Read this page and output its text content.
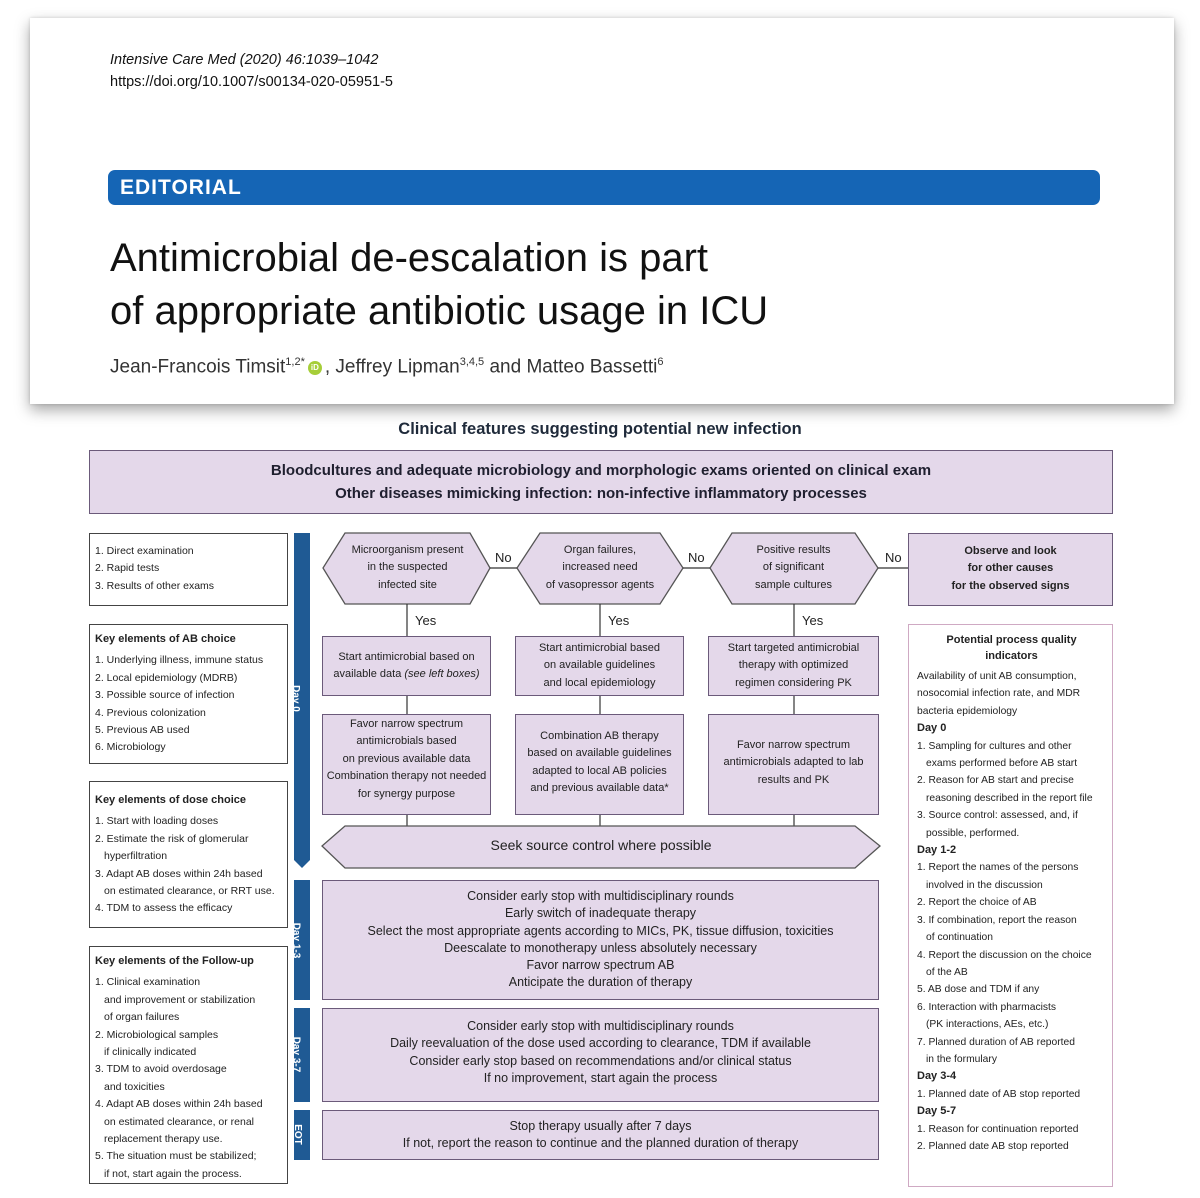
Intensive Care Med (2020) 46:1039–1042
https://doi.org/10.1007/s00134-020-05951-5
EDITORIAL
Antimicrobial de-escalation is part
of appropriate antibiotic usage in ICU
Jean-Francois Timsit$^{1,2*}$ iD , Jeffrey Lipman$^{3,4,5}$ and Matteo Bassetti$^6$
Clinical features suggesting potential new infection
Bloodcultures and adequate microbiology and morphologic exams oriented on clinical exam
Other diseases mimicking infection: non-infective inflammatory processes
1. Direct examination
2. Rapid tests
3. Results of other exams
Key elements of AB choice
1. Underlying illness, immune status
2. Local epidemiology (MDRB)
3. Possible source of infection
4. Previous colonization
5. Previous AB used
6. Microbiology
Key elements of dose choice
1. Start with loading doses
2. Estimate the risk of glomerular
hyperfiltration
3. Adapt AB doses within 24h based
on estimated clearance, or RRT use.
4. TDM to assess the efficacy
Key elements of the Follow-up
1. Clinical examination
and improvement or stabilization
of organ failures
2. Microbiological samples
if clinically indicated
3. TDM to avoid overdosage
and toxicities
4. Adapt AB doses within 24h based
on estimated clearance, or renal
replacement therapy use.
5. The situation must be stabilized;
if not, start again the process.
Day 0
Day 1-3
Day 3-7
EOT
Microorganism present
in the suspected
infected site
Organ failures,
increased need
of vasopressor agents
Positive results
of significant
sample cultures
No	No	No
Yes	Yes	Yes
Observe and look
for other causes
for the observed signs
Start antimicrobial based on
available data (see left boxes)
Start antimicrobial based
on available guidelines
and local epidemiology
Start targeted antimicrobial
therapy with optimized
regimen considering PK
Favor narrow spectrum
antimicrobials based
on previous available data
Combination therapy not needed
for synergy purpose
Combination AB therapy
based on available guidelines
adapted to local AB policies
and previous available data*
Favor narrow spectrum
antimicrobials adapted to lab
results and PK
Seek source control where possible
Consider early stop with multidisciplinary rounds
Early switch of inadequate therapy
Select the most appropriate agents according to MICs, PK, tissue diffusion, toxicities
Deescalate to monotherapy unless absolutely necessary
Favor narrow spectrum AB
Anticipate the duration of therapy
Consider early stop with multidisciplinary rounds
Daily reevaluation of the dose used according to clearance, TDM if available
Consider early stop based on recommendations and/or clinical status
If no improvement, start again the process
Stop therapy usually after 7 days
If not, report the reason to continue and the planned duration of therapy
Potential process quality
indicators
Availability of unit AB consumption,
nosocomial infection rate, and MDR
bacteria epidemiology
Day 0
1. Sampling for cultures and other
exams performed before AB start
2. Reason for AB start and precise
reasoning described in the report file
3. Source control: assessed, and, if
possible, performed.
Day 1-2
1. Report the names of the persons
involved in the discussion
2. Report the choice of AB
3. If combination, report the reason
of continuation
4. Report the discussion on the choice
of the AB
5. AB dose and TDM if any
6. Interaction with pharmacists
(PK interactions, AEs, etc.)
7. Planned duration of AB reported
in the formulary
Day 3-4
1. Planned date of AB stop reported
Day 5-7
1. Reason for continuation reported
2. Planned date AB stop reported
